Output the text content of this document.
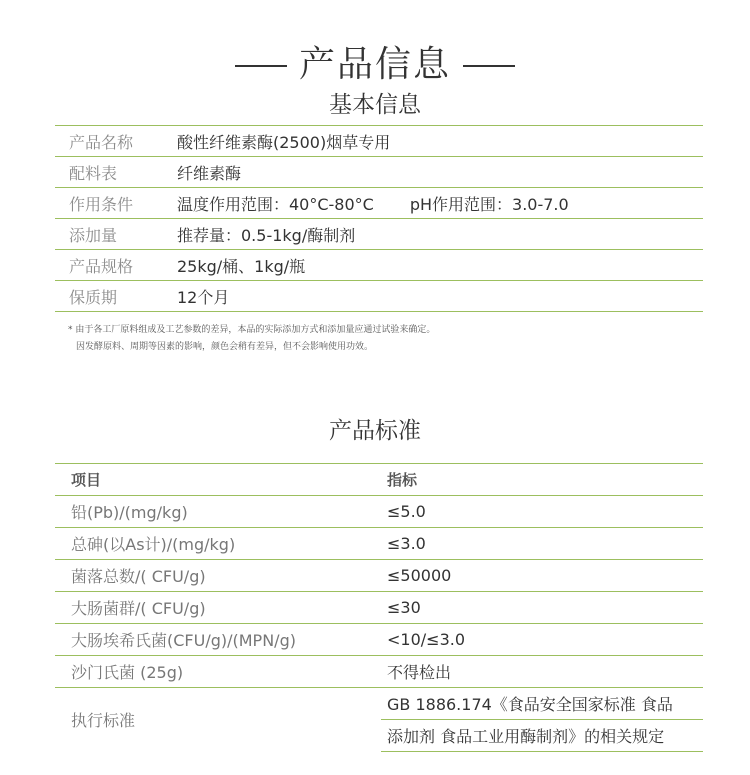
产品信息
基本信息
产品名称	酸性纤维素酶(2500)烟草专用
配料表	纤维素酶
作用条件	温度作用范围：40°C-80°C pH作用范围：3.0-7.0
添加量	推荐量：0.5-1kg/酶制剂
产品规格	25kg/桶、1kg/瓶
保质期	12个月
* 由于各工厂原料组成及工艺参数的差异，本品的实际添加方式和添加量应通过试验来确定。
因发酵原料、周期等因素的影响，颜色会稍有差异，但不会影响使用功效。
产品标准
项目	指标
铅(Pb)/(mg/kg)	≤5.0
总砷(以As计)/(mg/kg)	≤3.0
菌落总数/( CFU/g)	≤50000
大肠菌群/( CFU/g)	≤30
大肠埃希氏菌(CFU/g)/(MPN/g)	<10/≤3.0
沙门氏菌 (25g)	不得检出
执行标准	GB 1886.174《食品安全国家标准 食品
	添加剂 食品工业用酶制剂》的相关规定
